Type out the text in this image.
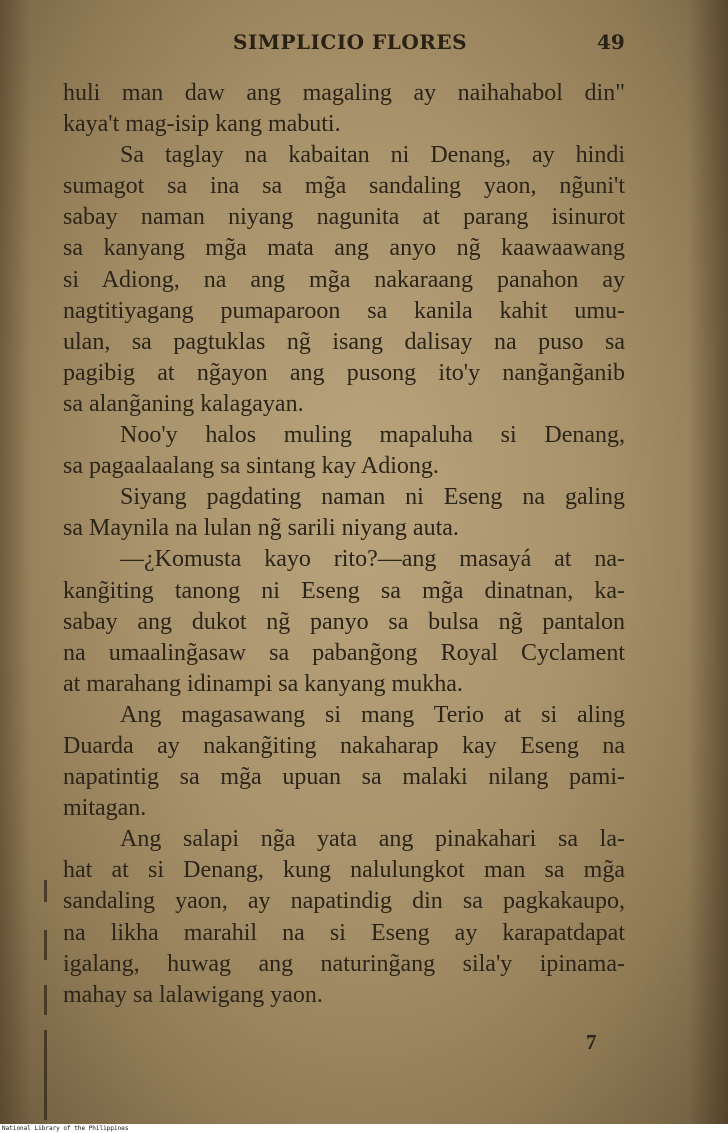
SIMPLICIO FLORES	49
huli man daw ang magaling ay naihahabol din"
kaya't mag-isip kang mabuti.
Sa taglay na kabaitan ni Denang, ay hindi
sumagot sa ina sa mg̃a sandaling yaon, ng̃uni't
sabay naman niyang nagunita at parang isinurot
sa kanyang mg̃a mata ang anyo ng̃ kaawaawang
si Adiong, na ang mg̃a nakaraang panahon ay
nagtitiyagang pumaparoon sa kanila kahit umu-
ulan, sa pagtuklas ng̃ isang dalisay na puso sa
pagibig at ng̃ayon ang pusong ito'y nang̃ang̃anib
sa alang̃aning kalagayan.
Noo'y halos muling mapaluha si Denang,
sa pagaalaalang sa sintang kay Adiong.
Siyang pagdating naman ni Eseng na galing
sa Maynila na lulan ng̃ sarili niyang auta.
—¿Komusta kayo rito?—ang masayá at na-
kang̃iting tanong ni Eseng sa mg̃a dinatnan, ka-
sabay ang dukot ng̃ panyo sa bulsa ng̃ pantalon
na umaaling̃asaw sa pabang̃ong Royal Cyclament
at marahang idinampi sa kanyang mukha.
Ang magasawang si mang Terio at si aling
Duarda ay nakang̃iting nakaharap kay Eseng na
napatintig sa mg̃a upuan sa malaki nilang pami-
mitagan.
Ang salapi ng̃a yata ang pinakahari sa la-
hat at si Denang, kung nalulungkot man sa mg̃a
sandaling yaon, ay napatindig din sa pagkakaupo,
na likha marahil na si Eseng ay karapatdapat
igalang, huwag ang naturing̃ang sila'y ipinama-
mahay sa lalawigang yaon.
7
National Library of the Philippines
